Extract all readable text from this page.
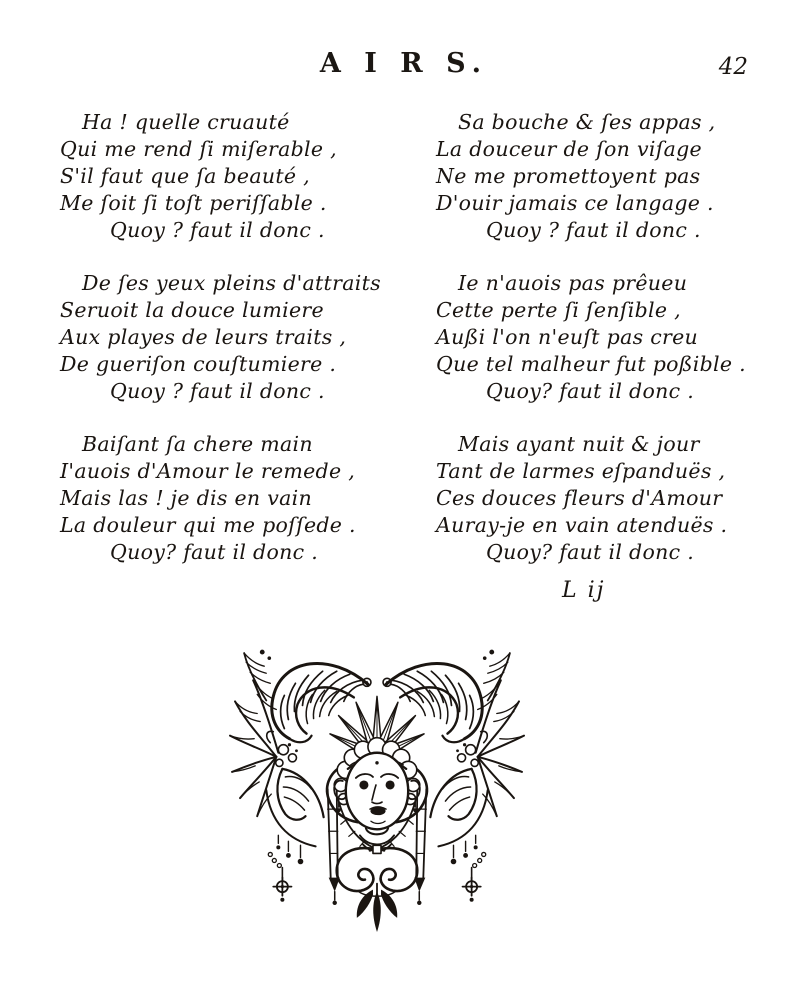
A I R S.	42
Ha ! quelle cruauté
Qui me rend ſi miſerable ,
S'il faut que ſa beauté ,
Me ſoit ſi toſt periſſable .
Quoy ? faut il donc .
De ſes yeux pleins d'attraits
Seruoit la douce lumiere
Aux playes de leurs traits ,
De gueriſon couſtumiere .
Quoy ? faut il donc .
Baiſant ſa chere main
I'auois d'Amour le remede ,
Mais las ! je dis en vain
La douleur qui me poſſede .
Quoy? faut il donc .
Sa bouche & ſes appas ,
La douceur de ſon viſage
Ne me promettoyent pas
D'ouir jamais ce langage .
Quoy ? faut il donc .
Ie n'auois pas prêueu
Cette perte ſi ſenſible ,
Außi l'on n'euſt pas creu
Que tel malheur fut poßible .
Quoy? faut il donc .
Mais ayant nuit & jour
Tant de larmes eſpanduës ,
Ces douces fleurs d'Amour
Auray-je en vain atenduës .
Quoy? faut il donc .
L ij
